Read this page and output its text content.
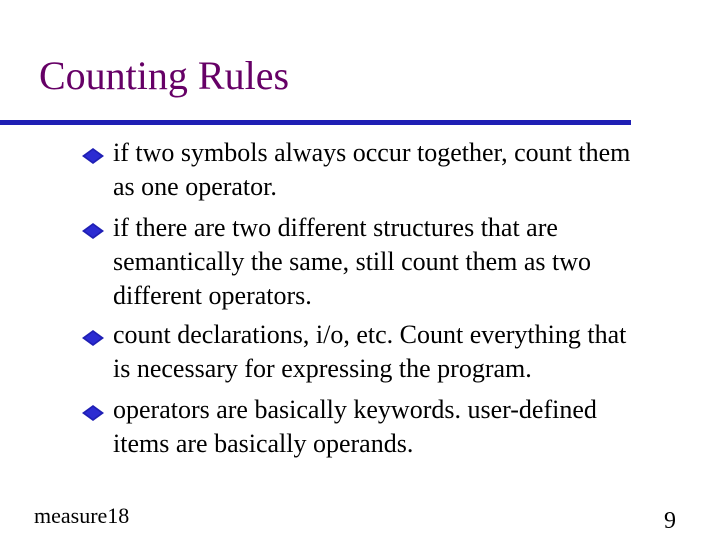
Counting Rules
if two symbols always occur together, count them
as one operator.
if there are two different structures that are
semantically the same, still count them as two
different operators.
count declarations, i/o, etc. Count everything that
is necessary for expressing the program.
operators are basically keywords. user-defined
items are basically operands.
measure18	9
